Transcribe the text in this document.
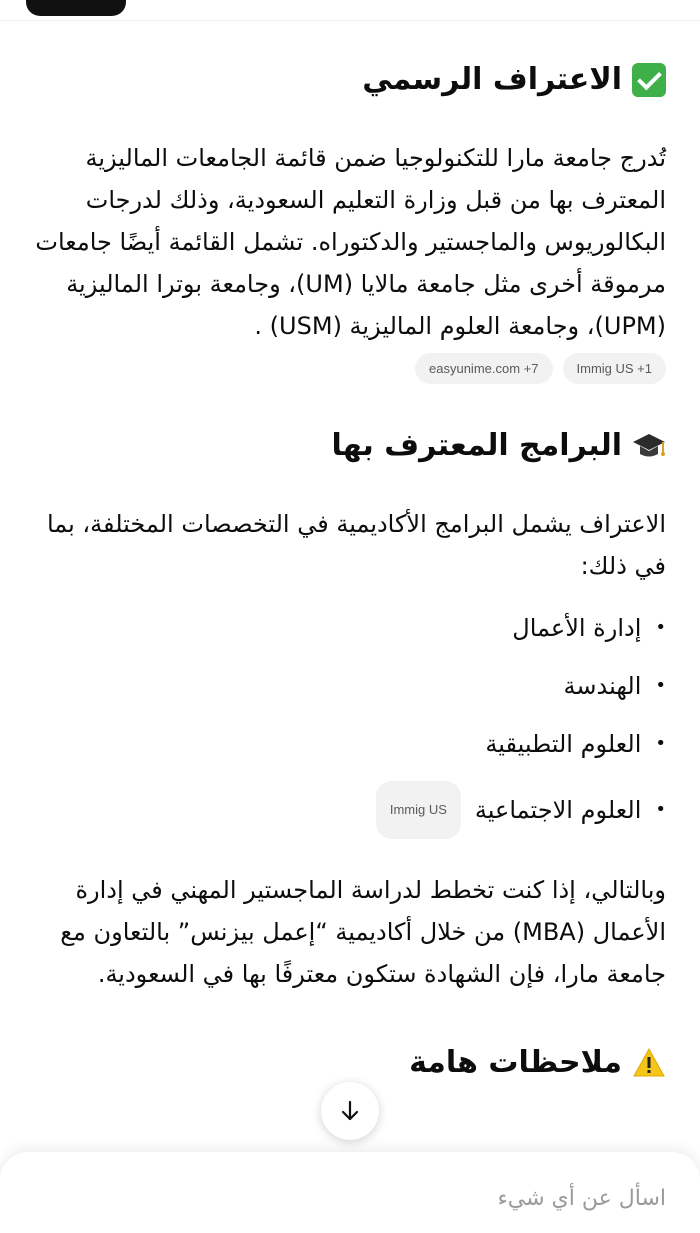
الاعتراف الرسمي

تُدرج جامعة مارا للتكنولوجيا ضمن قائمة الجامعات الماليزية المعترف بها من قبل وزارة التعليم السعودية، وذلك لدرجات البكالوريوس والماجستير والدكتوراه. تشمل القائمة أيضًا جامعات مرموقة أخرى مثل جامعة مالايا (UM)، وجامعة بوترا الماليزية (UPM)، وجامعة العلوم الماليزية (USM) .

Immig US +1
easyunime.com +7
البرامج المعترف بها

الاعتراف يشمل البرامج الأكاديمية في التخصصات المختلفة، بما في ذلك:

•
إدارة الأعمال
•
الهندسة
•
العلوم التطبيقية
•
العلوم الاجتماعية
Immig US

وبالتالي، إذا كنت تخطط لدراسة الماجستير المهني في إدارة الأعمال (MBA) من خلال أكاديمية “إعمل بيزنس” بالتعاون مع جامعة مارا، فإن الشهادة ستكون معترفًا بها في السعودية.

ملاحظات هامة
اسأل عن أي شيء
